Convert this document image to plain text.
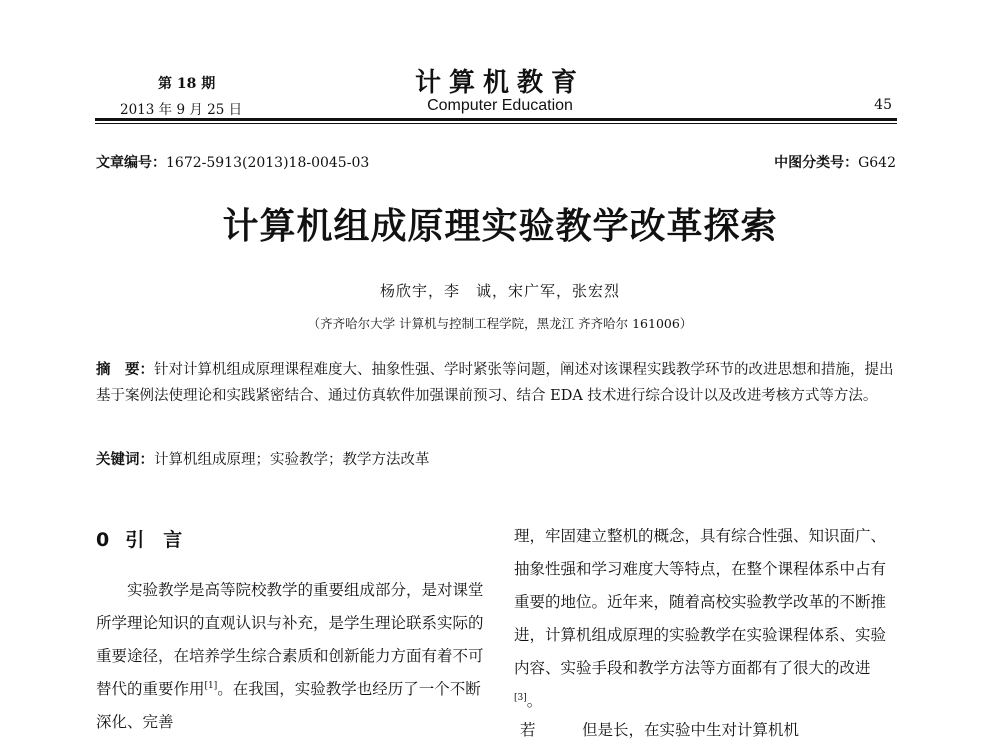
第 18 期
2013 年 9 月 25 日
计算机教育
Computer Education	45
文章编号：1672-5913(2013)18-0045-03	中图分类号：G642
计算机组成原理实验教学改革探索
杨欣宇，李　诚，宋广军，张宏烈
（齐齐哈尔大学 计算机与控制工程学院，黑龙江 齐齐哈尔 161006）
摘　要：针对计算机组成原理课程难度大、抽象性强、学时紧张等问题，阐述对该课程实践教学环节的改进思想和措施，提出基于案例法使理论和实践紧密结合、通过仿真软件加强课前预习、结合 EDA 技术进行综合设计以及改进考核方式等方法。
关键词：计算机组成原理；实验教学；教学方法改革
0 引　言

实验教学是高等院校教学的重要组成部分，是对课堂所学理论知识的直观认识与补充，是学生理论联系实际的重要途径，在培养学生综合素质和创新能力方面有着不可替代的重要作用[1]。在我国，实验教学也经历了一个不断深化、完善

理，牢固建立整机的概念，具有综合性强、知识面广、抽象性强和学习难度大等特点，在整个课程体系中占有重要的地位。近年来，随着高校实验教学改革的不断推进，计算机组成原理的实验教学在实验课程体系、实验内容、实验手段和教学方法等方面都有了很大的改进[3]。

若　　　但是长，在实验中生对计算机机
